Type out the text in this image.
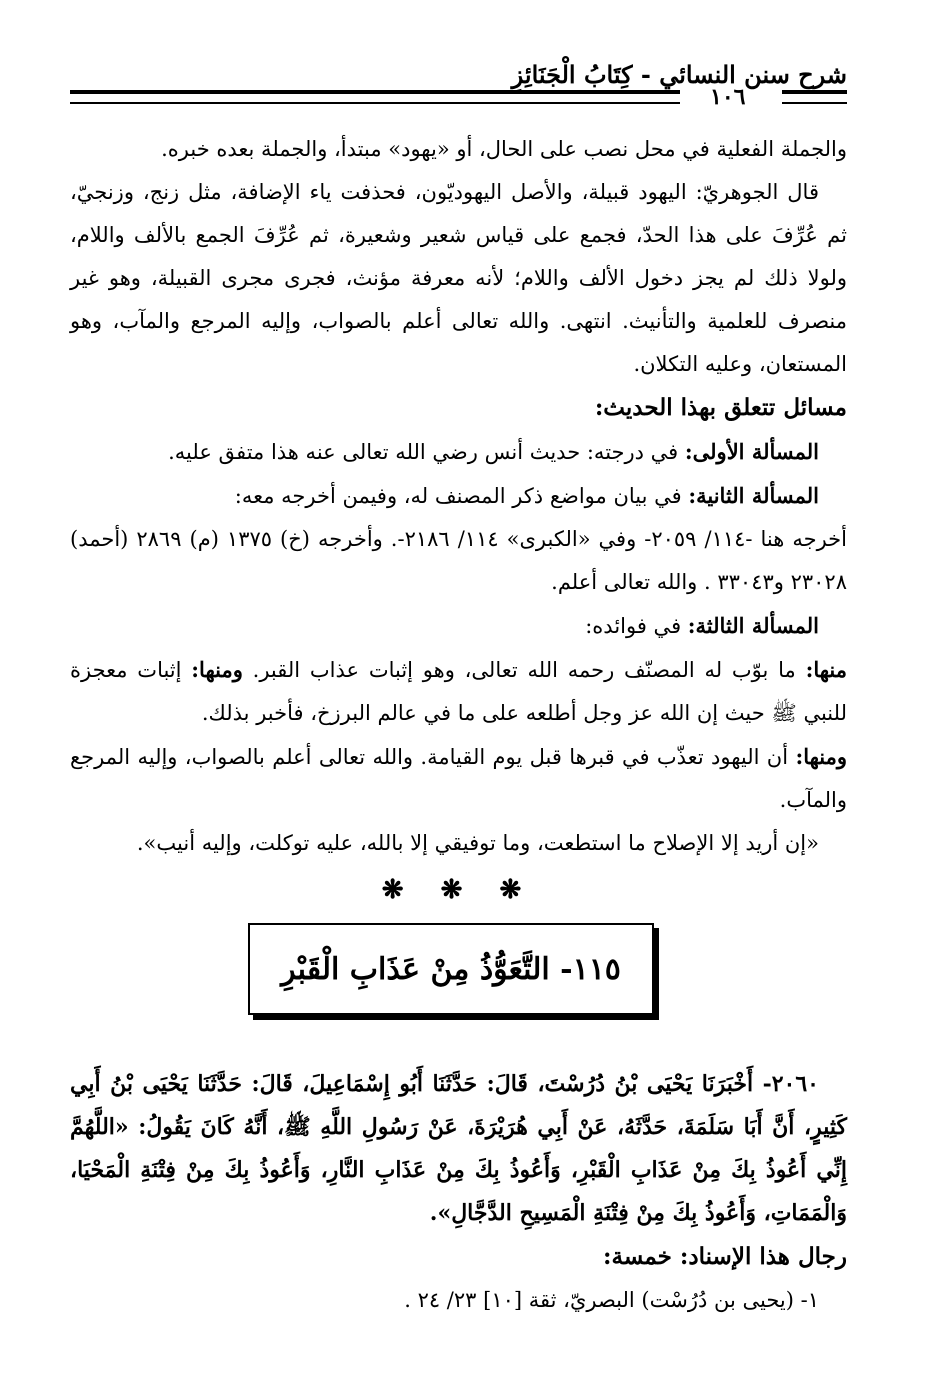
شرح سنن النسائي - كِتَابُ الْجَنَائِزِ
١٠٦

والجملة الفعلية في محل نصب على الحال، أو «يهود» مبتدأ، والجملة بعده خبره.

قال الجوهريّ: اليهود قبيلة، والأصل اليهوديّون، فحذفت ياء الإضافة، مثل زنج، وزنجيّ، ثم عُرِّفَ على هذا الحدّ، فجمع على قياس شعير وشعيرة، ثم عُرِّفَ الجمع بالألف واللام، ولولا ذلك لم يجز دخول الألف واللام؛ لأنه معرفة مؤنث، فجرى مجرى القبيلة، وهو غير منصرف للعلمية والتأنيث. انتهى. والله تعالى أعلم بالصواب، وإليه المرجع والمآب، وهو المستعان، وعليه التكلان.

مسائل تتعلق بهذا الحديث:

المسألة الأولى: في درجته: حديث أنس رضي الله تعالى عنه هذا متفق عليه.

المسألة الثانية: في بيان مواضع ذكر المصنف له، وفيمن أخرجه معه:

أخرجه هنا -١١٤/ ٢٠٥٩- وفي «الكبرى» ١١٤/ ٢١٨٦-. وأخرجه (خ) ١٣٧٥ (م) ٢٨٦٩ (أحمد) ٢٣٠٢٨ و٣٣٠٤٣ . والله تعالى أعلم.

المسألة الثالثة: في فوائده:

منها: ما بوّب له المصنّف رحمه الله تعالى، وهو إثبات عذاب القبر. ومنها: إثبات معجزة للنبي ﷺ حيث إن الله عز وجل أطلعه على ما في عالم البرزخ، فأخبر بذلك.

ومنها: أن اليهود تعذّب في قبرها قبل يوم القيامة. والله تعالى أعلم بالصواب، وإليه المرجع والمآب.

«إن أريد إلا الإصلاح ما استطعت، وما توفيقي إلا بالله، عليه توكلت، وإليه أنيب».

❋ ❋ ❋
١١٥- التَّعَوُّذُ مِنْ عَذَابِ الْقَبْرِ

٢٠٦٠- أَخْبَرَنَا يَحْيَى بْنُ دُرُسْتَ، قَالَ: حَدَّثَنَا أَبُو إِسْمَاعِيلَ، قَالَ: حَدَّثَنَا يَحْيَى بْنُ أَبِي كَثِيرٍ، أَنَّ أَبَا سَلَمَةَ، حَدَّثَهُ، عَنْ أَبِي هُرَيْرَةَ، عَنْ رَسُولِ اللَّهِ ﷺ، أَنَّهُ كَانَ يَقُولُ: «اللَّهُمَّ إِنِّي أَعُوذُ بِكَ مِنْ عَذَابِ الْقَبْرِ، وَأَعُوذُ بِكَ مِنْ عَذَابِ النَّارِ، وَأَعُوذُ بِكَ مِنْ فِتْنَةِ الْمَحْيَا، وَالْمَمَاتِ، وَأَعُوذُ بِكَ مِنْ فِتْنَةِ الْمَسِيحِ الدَّجَّالِ».

رجال هذا الإسناد: خمسة:

١- (يحيى بن دُرُسْت) البصريّ، ثقة [١٠] ٢٣/ ٢٤ .
